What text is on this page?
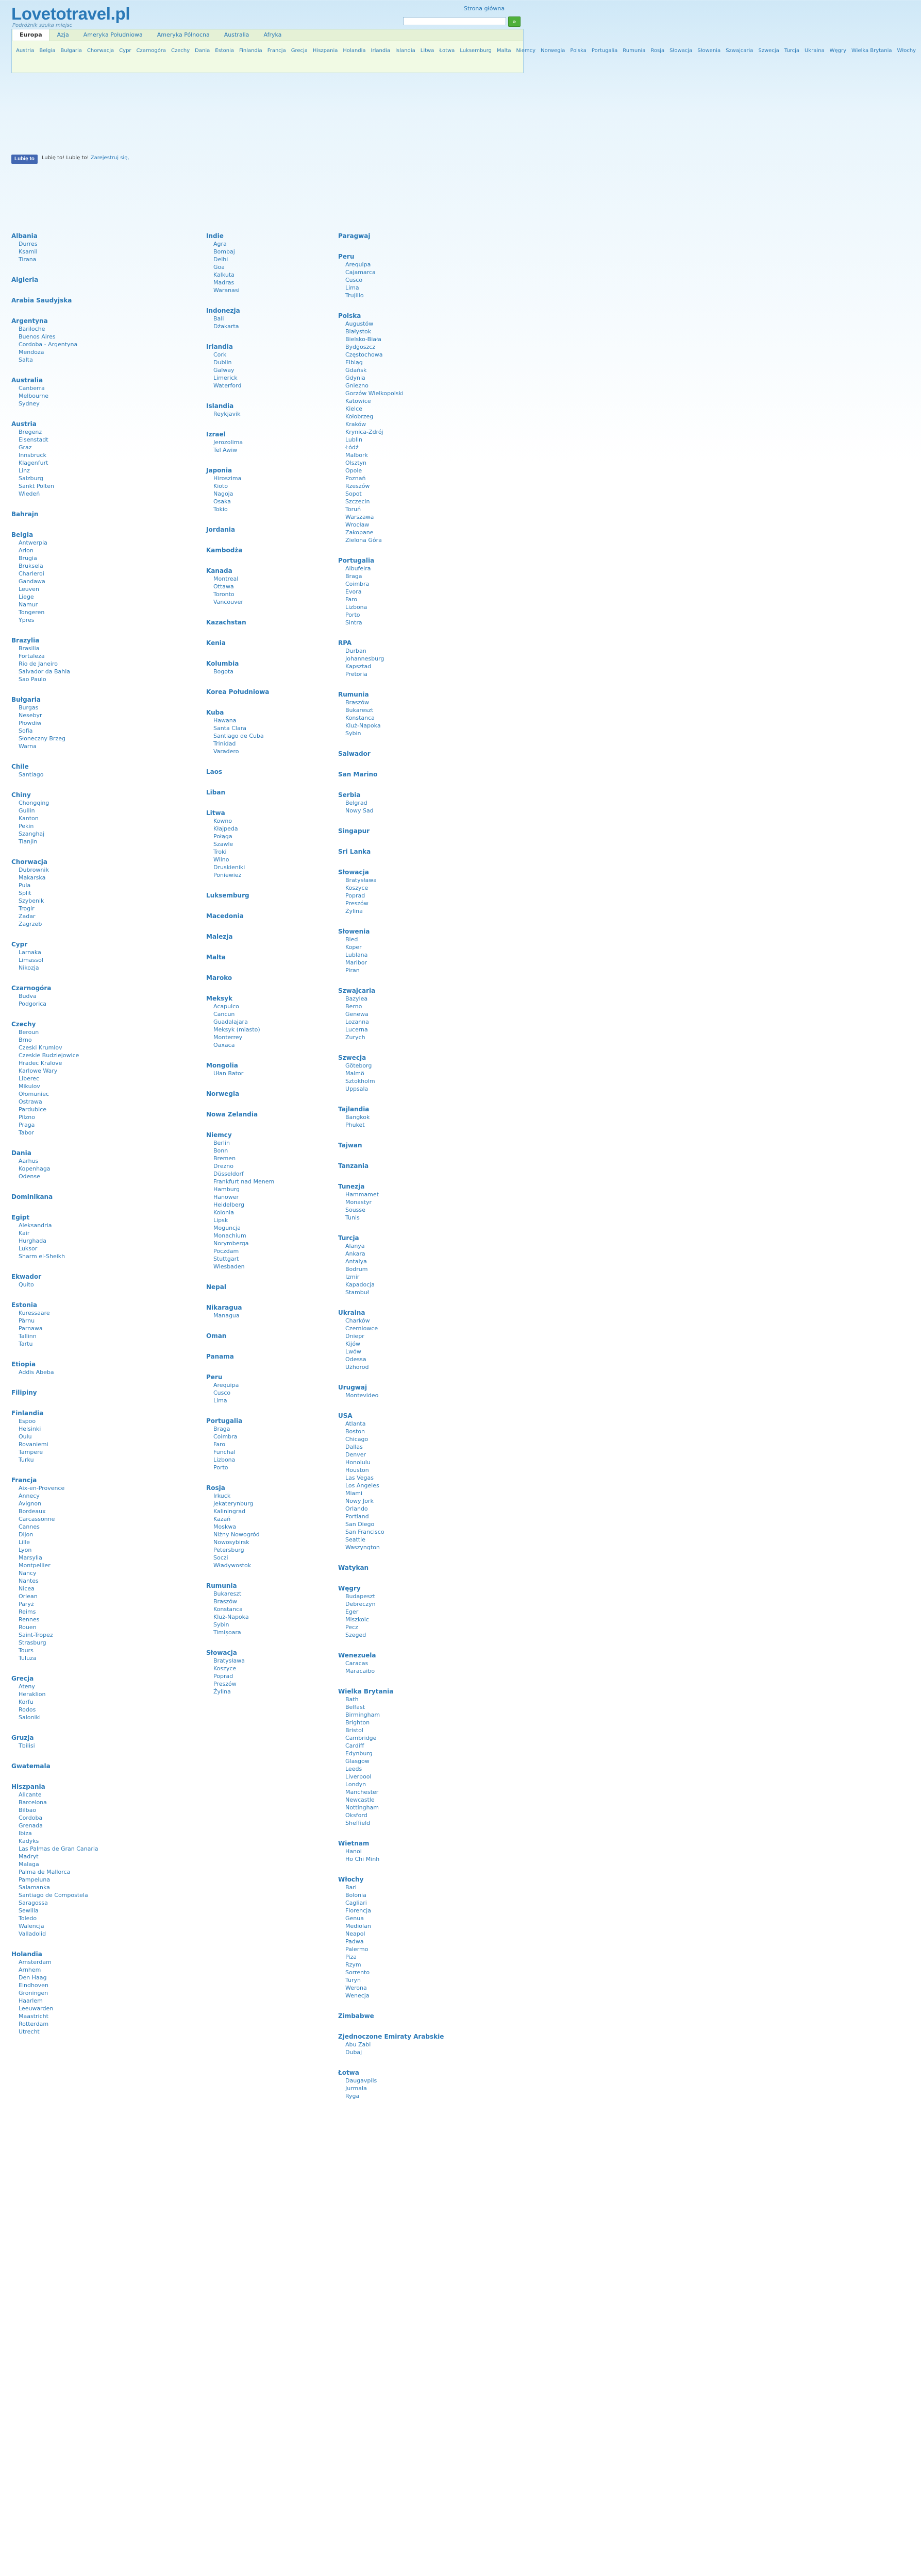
Lovetotravel.pl
Podróżnik szuka miejsc
Strona główna
»
Europa	Azja	Ameryka Południowa	Ameryka Północna	Australia	Afryka
Austria Belgia Bułgaria Chorwacja Cypr Czarnogóra Czechy Dania Estonia Finlandia Francja Grecja Hiszpania Holandia Irlandia Islandia Litwa Łotwa Luksemburg Malta Niemcy Norwegia Polska Portugalia Rumunia Rosja Słowacja Słowenia Szwajcaria Szwecja Turcja Ukraina Węgry Wielka Brytania Włochy
Lubię to	Lubię to! Lubię to! Zarejestruj się,
Albania
Durres
Ksamil
Tirana
Algieria
Arabia Saudyjska
Argentyna
Bariloche
Buenos Aires
Cordoba - Argentyna
Mendoza
Salta
Australia
Canberra
Melbourne
Sydney
Austria
Bregenz
Eisenstadt
Graz
Innsbruck
Klagenfurt
Linz
Salzburg
Sankt Pölten
Wiedeń
Bahrajn
Belgia
Antwerpia
Arlon
Brugia
Bruksela
Charleroi
Gandawa
Leuven
Liege
Namur
Tongeren
Ypres
Brazylia
Brasilia
Fortaleza
Rio de Janeiro
Salvador da Bahia
Sao Paulo
Bułgaria
Burgas
Nesebyr
Płowdiw
Sofia
Słoneczny Brzeg
Warna
Chile
Santiago
Chiny
Chongqing
Guilin
Kanton
Pekin
Szanghaj
Tianjin
Chorwacja
Dubrownik
Makarska
Pula
Split
Szybenik
Trogir
Zadar
Zagrzeb
Cypr
Larnaka
Limassol
Nikozja
Czarnogóra
Budva
Podgorica
Czechy
Beroun
Brno
Czeski Krumlov
Czeskie Budziejowice
Hradec Kralove
Karlowe Wary
Liberec
Mikulov
Ołomuniec
Ostrawa
Pardubice
Pilzno
Praga
Tabor
Dania
Aarhus
Kopenhaga
Odense
Dominikana
Egipt
Aleksandria
Kair
Hurghada
Luksor
Sharm el-Sheikh
Ekwador
Quito
Estonia
Kuressaare
Pärnu
Parnawa
Tallinn
Tartu
Etiopia
Addis Abeba
Filipiny
Finlandia
Espoo
Helsinki
Oulu
Rovaniemi
Tampere
Turku
Francja
Aix-en-Provence
Annecy
Avignon
Bordeaux
Carcassonne
Cannes
Dijon
Lille
Lyon
Marsylia
Montpellier
Nancy
Nantes
Nicea
Orlean
Paryż
Reims
Rennes
Rouen
Saint-Tropez
Strasburg
Tours
Tuluza
Grecja
Ateny
Heraklion
Korfu
Rodos
Saloniki
Gruzja
Tbilisi
Gwatemala
Hiszpania
Alicante
Barcelona
Bilbao
Cordoba
Grenada
Ibiza
Kadyks
Las Palmas de Gran Canaria
Madryt
Malaga
Palma de Mallorca
Pampeluna
Salamanka
Santiago de Compostela
Saragossa
Sewilla
Toledo
Walencja
Valladolid
Holandia
Amsterdam
Arnhem
Den Haag
Eindhoven
Groningen
Haarlem
Leeuwarden
Maastricht
Rotterdam
Utrecht
Indie
Agra
Bombaj
Delhi
Goa
Kalkuta
Madras
Waranasi
Indonezja
Bali
Dżakarta
Irlandia
Cork
Dublin
Galway
Limerick
Waterford
Islandia
Reykjavik
Izrael
Jerozolima
Tel Awiw
Japonia
Hiroszima
Kioto
Nagoja
Osaka
Tokio
Jordania
Kambodża
Kanada
Montreal
Ottawa
Toronto
Vancouver
Kazachstan
Kenia
Kolumbia
Bogota
Korea Południowa
Kuba
Hawana
Santa Clara
Santiago de Cuba
Trinidad
Varadero
Laos
Liban
Litwa
Kowno
Kłajpeda
Połąga
Szawle
Troki
Wilno
Druskieniki
Poniewież
Luksemburg
Macedonia
Malezja
Malta
Maroko
Meksyk
Acapulco
Cancun
Guadalajara
Meksyk (miasto)
Monterrey
Oaxaca
Mongolia
Ułan Bator
Norwegia
Nowa Zelandia
Niemcy
Berlin
Bonn
Bremen
Drezno
Düsseldorf
Frankfurt nad Menem
Hamburg
Hanower
Heidelberg
Kolonia
Lipsk
Moguncja
Monachium
Norymberga
Poczdam
Stuttgart
Wiesbaden
Nepal
Nikaragua
Managua
Oman
Panama
Peru
Arequipa
Cusco
Lima
Portugalia
Braga
Coimbra
Faro
Funchal
Lizbona
Porto
Rosja
Irkuck
Jekaterynburg
Kaliningrad
Kazań
Moskwa
Niżny Nowogród
Nowosybirsk
Petersburg
Soczi
Władywostok
Rumunia
Bukareszt
Braszów
Konstanca
Kluż-Napoka
Sybin
Timișoara
Słowacja
Bratysława
Koszyce
Poprad
Preszów
Żylina
Paragwaj
Peru
Arequipa
Cajamarca
Cusco
Lima
Trujillo
Polska
Augustów
Białystok
Bielsko-Biała
Bydgoszcz
Częstochowa
Elbląg
Gdańsk
Gdynia
Gniezno
Gorzów Wielkopolski
Katowice
Kielce
Kołobrzeg
Kraków
Krynica-Zdrój
Lublin
Łódź
Malbork
Olsztyn
Opole
Poznań
Rzeszów
Sopot
Szczecin
Toruń
Warszawa
Wrocław
Zakopane
Zielona Góra
Portugalia
Albufeira
Braga
Coimbra
Evora
Faro
Lizbona
Porto
Sintra
RPA
Durban
Johannesburg
Kapsztad
Pretoria
Rumunia
Braszów
Bukareszt
Konstanca
Kluż-Napoka
Sybin
Salwador
San Marino
Serbia
Belgrad
Nowy Sad
Singapur
Sri Lanka
Słowacja
Bratysława
Koszyce
Poprad
Preszów
Żylina
Słowenia
Bled
Koper
Lublana
Maribor
Piran
Szwajcaria
Bazylea
Berno
Genewa
Lozanna
Lucerna
Zurych
Szwecja
Göteborg
Malmö
Sztokholm
Uppsala
Tajlandia
Bangkok
Phuket
Tajwan
Tanzania
Tunezja
Hammamet
Monastyr
Sousse
Tunis
Turcja
Alanya
Ankara
Antalya
Bodrum
Izmir
Kapadocja
Stambuł
Ukraina
Charków
Czerniowce
Dniepr
Kijów
Lwów
Odessa
Użhorod
Urugwaj
Montevideo
USA
Atlanta
Boston
Chicago
Dallas
Denver
Honolulu
Houston
Las Vegas
Los Angeles
Miami
Nowy Jork
Orlando
Portland
San Diego
San Francisco
Seattle
Waszyngton
Watykan
Węgry
Budapeszt
Debreczyn
Eger
Miszkolc
Pecz
Szeged
Wenezuela
Caracas
Maracaibo
Wielka Brytania
Bath
Belfast
Birmingham
Brighton
Bristol
Cambridge
Cardiff
Edynburg
Glasgow
Leeds
Liverpool
Londyn
Manchester
Newcastle
Nottingham
Oksford
Sheffield
Wietnam
Hanoi
Ho Chi Minh
Włochy
Bari
Bolonia
Cagliari
Florencja
Genua
Mediolan
Neapol
Padwa
Palermo
Piza
Rzym
Sorrento
Turyn
Werona
Wenecja
Zimbabwe
Zjednoczone Emiraty Arabskie
Abu Zabi
Dubaj
Łotwa
Daugavpils
Jurmała
Ryga
